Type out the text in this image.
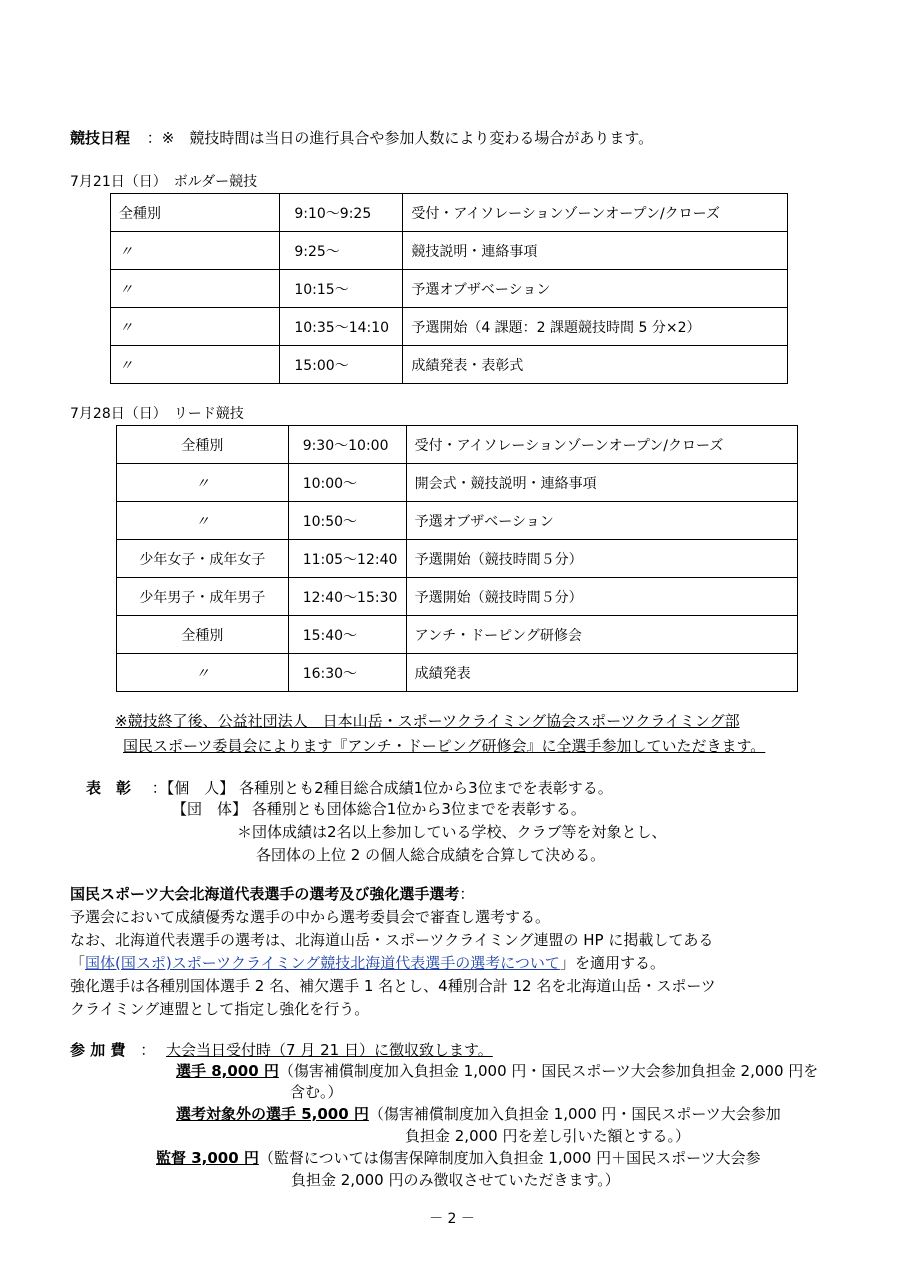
競技日程 ：※　競技時間は当日の進行具合や参加人数により変わる場合があります。
7月21日（日）　ボルダー競技
全種別	9:10～9:25	受付・アイソレーションゾーンオープン/クローズ
〃	9:25～	競技説明・連絡事項
〃	10:15～	予選オブザベーション
〃	10:35～14:10	予選開始（4 課題：2 課題競技時間 5 分×2）
〃	15:00～	成績発表・表彰式
7月28日（日）　リード競技
全種別	9:30～10:00	受付・アイソレーションゾーンオープン/クローズ
〃	10:00～	開会式・競技説明・連絡事項
〃	10:50～	予選オブザベーション
少年女子・成年女子	11:05～12:40	予選開始（競技時間５分）
少年男子・成年男子	12:40～15:30	予選開始（競技時間５分）
全種別	15:40～	アンチ・ドーピング研修会
〃	16:30～	成績発表
※競技終了後、公益社団法人　日本山岳・スポーツクライミング協会スポーツクライミング部
国民スポーツ委員会によります『アンチ・ドーピング研修会』に全選手参加していただきます。
表　彰 ：【個　人】 各種別とも2種目総合成績1位から3位までを表彰する。
【団　体】 各種別とも団体総合1位から3位までを表彰する。
＊団体成績は2名以上参加している学校、クラブ等を対象とし、
各団体の上位 2 の個人総合成績を合算して決める。
国民スポーツ大会北海道代表選手の選考及び強化選手選考：
予選会において成績優秀な選手の中から選考委員会で審査し選考する。
なお、北海道代表選手の選考は、北海道山岳・スポーツクライミング連盟の HP に掲載してある
「国体(国スポ)スポーツクライミング競技北海道代表選手の選考について」を適用する。
強化選手は各種別国体選手 2 名、補欠選手 1 名とし、4種別合計 12 名を北海道山岳・スポーツ
クライミング連盟として指定し強化を行う。
参 加 費 ： 大会当日受付時（7 月 21 日）に徴収致します。
選手 8,000 円（傷害補償制度加入負担金 1,000 円・国民スポーツ大会参加負担金 2,000 円を
含む。）
選考対象外の選手 5,000 円（傷害補償制度加入負担金 1,000 円・国民スポーツ大会参加
負担金 2,000 円を差し引いた額とする。）
監督 3,000 円（監督については傷害保障制度加入負担金 1,000 円＋国民スポーツ大会参
負担金 2,000 円のみ徴収させていただきます。）
－ 2 －
